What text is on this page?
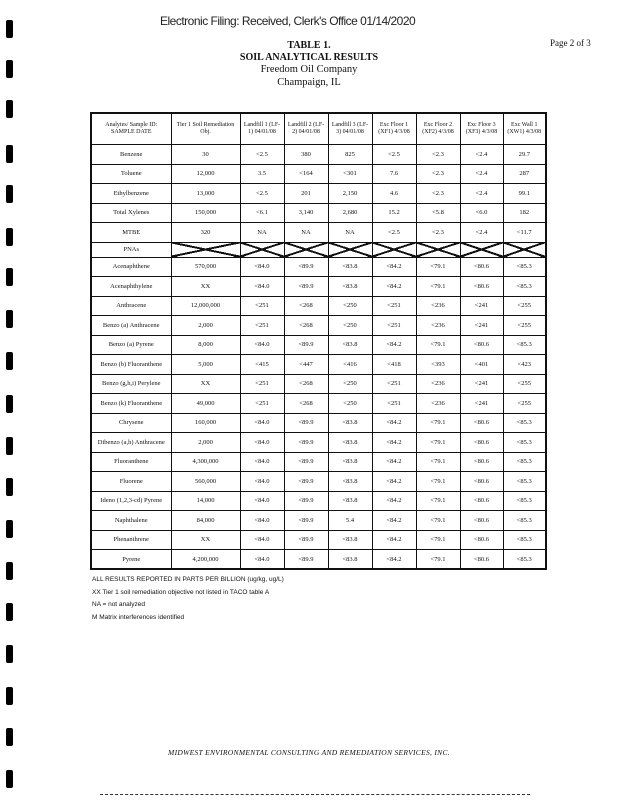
Electronic Filing: Received, Clerk's Office 01/14/2020
Page 2 of 3
TABLE 1.
SOIL ANALYTICAL RESULTS
Freedom Oil Company
Champaign, IL
Analytes/ Sample ID: SAMPLE DATE	Tier 1 Soil Remediation Obj.	Landfill 1 (LF-1) 04/01/08	Landfill 2 (LF-2) 04/01/08	Landfill 3 (LF-3) 04/01/08	Exc Floor 1 (XF1) 4/3/08	Exc Floor 2 (XF2) 4/3/08	Exc Floor 3 (XF3) 4/3/08	Exc Wall 1 (XW1) 4/3/08
Benzene	30	<2.5	380	825	<2.5	<2.3	<2.4	29.7
Toluene	12,000	3.5	<164	<301	7.6	<2.3	<2.4	287
Ethylbenzene	13,000	<2.5	201	2,150	4.6	<2.3	<2.4	99.1
Total Xylenes	150,000	<6.1	3,140	2,680	15.2	<5.8	<6.0	182
MTBE	320	NA	NA	NA	<2.5	<2.3	<2.4	<11.7
PNAs								
Acenaphthene	570,000	<84.0	<89.9	<83.8	<84.2	<79.1	<80.6	<85.3
Acenaphthylene	XX	<84.0	<89.9	<83.8	<84.2	<79.1	<80.6	<85.3
Anthracene	12,000,000	<251	<268	<250	<251	<236	<241	<255
Benzo (a) Anthracene	2,000	<251	<268	<250	<251	<236	<241	<255
Benzo (a) Pyrene	8,000	<84.0	<89.9	<83.8	<84.2	<79.1	<80.6	<85.3
Benzo (b) Fluoranthene	5,000	<415	<447	<416	<418	<393	<401	<423
Benzo (g,h,i) Perylene	XX	<251	<268	<250	<251	<236	<241	<255
Benzo (k) Fluoranthene	49,000	<251	<268	<250	<251	<236	<241	<255
Chrysene	160,000	<84.0	<89.9	<83.8	<84.2	<79.1	<80.6	<85.3
Dibenzo (a,h) Anthracene	2,000	<84.0	<89.9	<83.8	<84.2	<79.1	<80.6	<85.3
Fluoranthene	4,300,000	<84.0	<89.9	<83.8	<84.2	<79.1	<80.6	<85.3
Fluorene	560,000	<84.0	<89.9	<83.8	<84.2	<79.1	<80.6	<85.3
Ideno (1,2,3-cd) Pyrene	14,000	<84.0	<89.9	<83.8	<84.2	<79.1	<80.6	<85.3
Naphthalene	84,000	<84.0	<89.9	5.4	<84.2	<79.1	<80.6	<85.3
Phenanthrene	XX	<84.0	<89.9	<83.8	<84.2	<79.1	<80.6	<85.3
Pyrene	4,200,000	<84.0	<89.9	<83.8	<84.2	<79.1	<80.6	<85.3
ALL RESULTS REPORTED IN PARTS PER BILLION (ug/kg, ug/L)
XX Tier 1 soil remediation objective not listed in TACO table A
NA = not analyzed
M Matrix interferences identified
MIDWEST ENVIRONMENTAL CONSULTING AND REMEDIATION SERVICES, INC.
